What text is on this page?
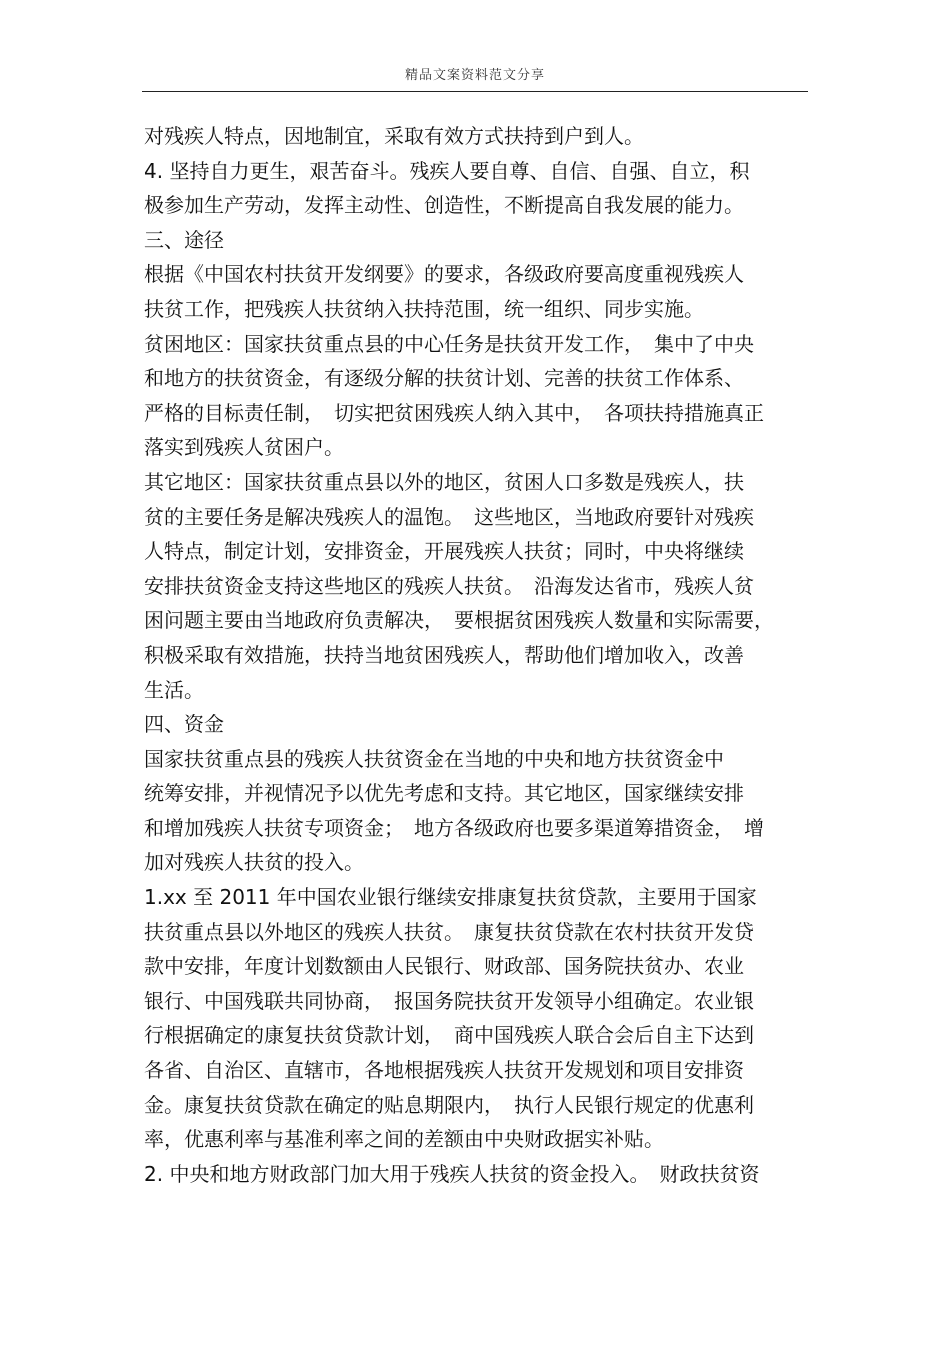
精品文案资料范文分享
对残疾人特点，因地制宜，采取有效方式扶持到户到人。
4. 坚持自力更生，艰苦奋斗。残疾人要自尊、自信、自强、自立，积
极参加生产劳动，发挥主动性、创造性，不断提高自我发展的能力。
三、途径
根据《中国农村扶贫开发纲要》的要求，各级政府要高度重视残疾人
扶贫工作，把残疾人扶贫纳入扶持范围，统一组织、同步实施。
贫困地区：国家扶贫重点县的中心任务是扶贫开发工作，　集中了中央
和地方的扶贫资金，有逐级分解的扶贫计划、完善的扶贫工作体系、
严格的目标责任制，　切实把贫困残疾人纳入其中，　各项扶持措施真正
落实到残疾人贫困户。
其它地区：国家扶贫重点县以外的地区，贫困人口多数是残疾人，扶
贫的主要任务是解决残疾人的温饱。　这些地区，当地政府要针对残疾
人特点，制定计划，安排资金，开展残疾人扶贫；同时，中央将继续
安排扶贫资金支持这些地区的残疾人扶贫。　沿海发达省市，残疾人贫
困问题主要由当地政府负责解决，　要根据贫困残疾人数量和实际需要，
积极采取有效措施，扶持当地贫困残疾人，帮助他们增加收入，改善
生活。
四、资金
国家扶贫重点县的残疾人扶贫资金在当地的中央和地方扶贫资金中
统筹安排，并视情况予以优先考虑和支持。其它地区，国家继续安排
和增加残疾人扶贫专项资金；　地方各级政府也要多渠道筹措资金，　增
加对残疾人扶贫的投入。
1.xx 至 2011 年中国农业银行继续安排康复扶贫贷款，主要用于国家
扶贫重点县以外地区的残疾人扶贫。　康复扶贫贷款在农村扶贫开发贷
款中安排，年度计划数额由人民银行、财政部、国务院扶贫办、农业
银行、中国残联共同协商，　报国务院扶贫开发领导小组确定。农业银
行根据确定的康复扶贫贷款计划，　商中国残疾人联合会后自主下达到
各省、自治区、直辖市，各地根据残疾人扶贫开发规划和项目安排资
金。康复扶贫贷款在确定的贴息期限内，　执行人民银行规定的优惠利
率，优惠利率与基准利率之间的差额由中央财政据实补贴。
2. 中央和地方财政部门加大用于残疾人扶贫的资金投入。　财政扶贫资
